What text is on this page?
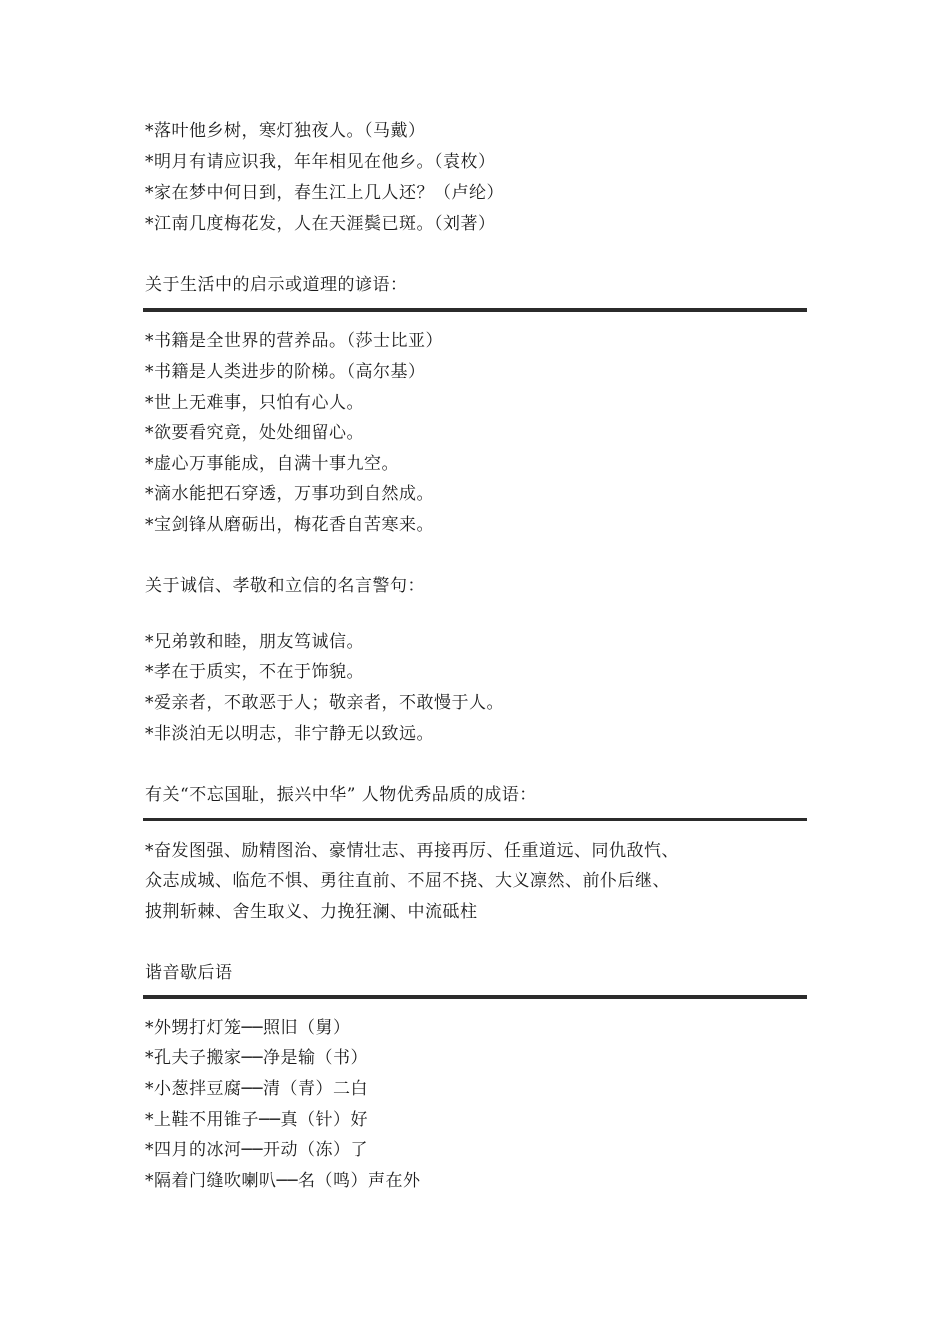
*落叶他乡树，寒灯独夜人。（马戴）
*明月有请应识我，年年相见在他乡。（袁枚）
*家在梦中何日到，春生江上几人还？（卢纶）
*江南几度梅花发，人在天涯鬓已斑。（刘著）
关于生活中的启示或道理的谚语：
*书籍是全世界的营养品。（莎士比亚）
*书籍是人类进步的阶梯。（高尔基）
*世上无难事，只怕有心人。
*欲要看究竟，处处细留心。
*虚心万事能成，自满十事九空。
*滴水能把石穿透，万事功到自然成。
*宝剑锋从磨砺出，梅花香自苦寒来。
关于诚信、孝敬和立信的名言警句：
*兄弟敦和睦，朋友笃诚信。
*孝在于质实，不在于饰貌。
*爱亲者，不敢恶于人；敬亲者，不敢慢于人。
*非淡泊无以明志，非宁静无以致远。
有关“不忘国耻，振兴中华” 人物优秀品质的成语：
*奋发图强、励精图治、豪情壮志、再接再厉、任重道远、同仇敌忾、
众志成城、临危不惧、勇往直前、不屈不挠、大义凛然、前仆后继、
披荆斩棘、舍生取义、力挽狂澜、中流砥柱
谐音歇后语
*外甥打灯笼──照旧（舅）
*孔夫子搬家──净是输（书）
*小葱拌豆腐──清（青）二白
*上鞋不用锥子──真（针）好
*四月的冰河──开动（冻）了
*隔着门缝吹喇叭──名（鸣）声在外
